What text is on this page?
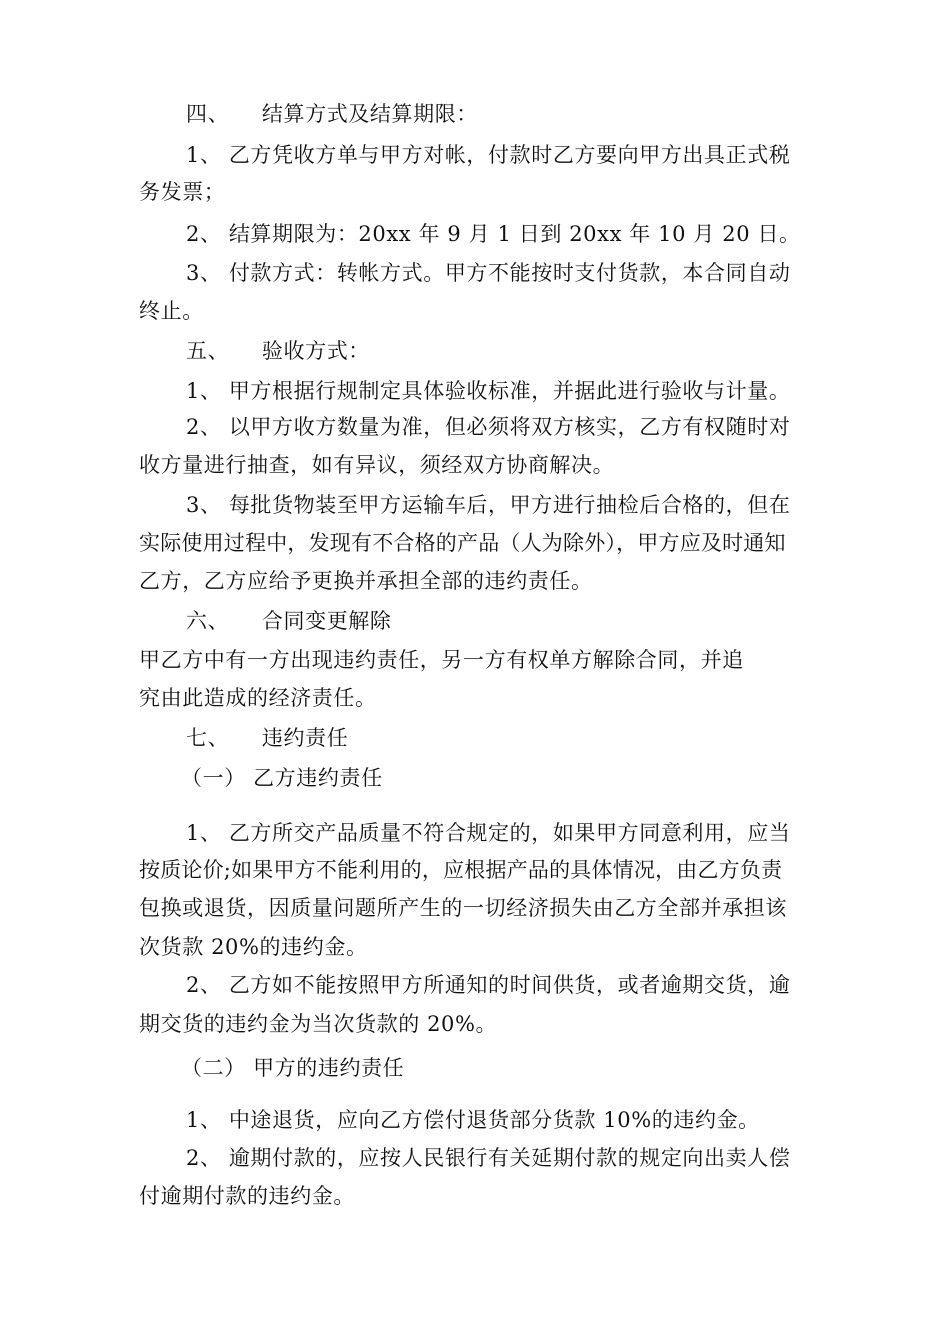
四、　　结算方式及结算期限：
1、 乙方凭收方单与甲方对帐，付款时乙方要向甲方出具正式税
务发票；
2、 结算期限为：20xx 年 9 月 1 日到 20xx 年 10 月 20 日。
3、 付款方式：转帐方式。甲方不能按时支付货款，本合同自动
终止。
五、　　验收方式：
1、 甲方根据行规制定具体验收标准，并据此进行验收与计量。
2、 以甲方收方数量为准，但必须将双方核实，乙方有权随时对
收方量进行抽查，如有异议，须经双方协商解决。
3、 每批货物装至甲方运输车后，甲方进行抽检后合格的，但在
实际使用过程中，发现有不合格的产品（人为除外），甲方应及时通知
乙方，乙方应给予更换并承担全部的违约责任。
六、　　合同变更解除
甲乙方中有一方出现违约责任，另一方有权单方解除合同，并追
究由此造成的经济责任。
七、　　违约责任
（一） 乙方违约责任
1、 乙方所交产品质量不符合规定的，如果甲方同意利用，应当
按质论价;如果甲方不能利用的，应根据产品的具体情况，由乙方负责
包换或退货，因质量问题所产生的一切经济损失由乙方全部并承担该
次货款 20%的违约金。
2、 乙方如不能按照甲方所通知的时间供货，或者逾期交货，逾
期交货的违约金为当次货款的 20%。
（二） 甲方的违约责任
1、 中途退货，应向乙方偿付退货部分货款 10%的违约金。
2、 逾期付款的，应按人民银行有关延期付款的规定向出卖人偿
付逾期付款的违约金。
